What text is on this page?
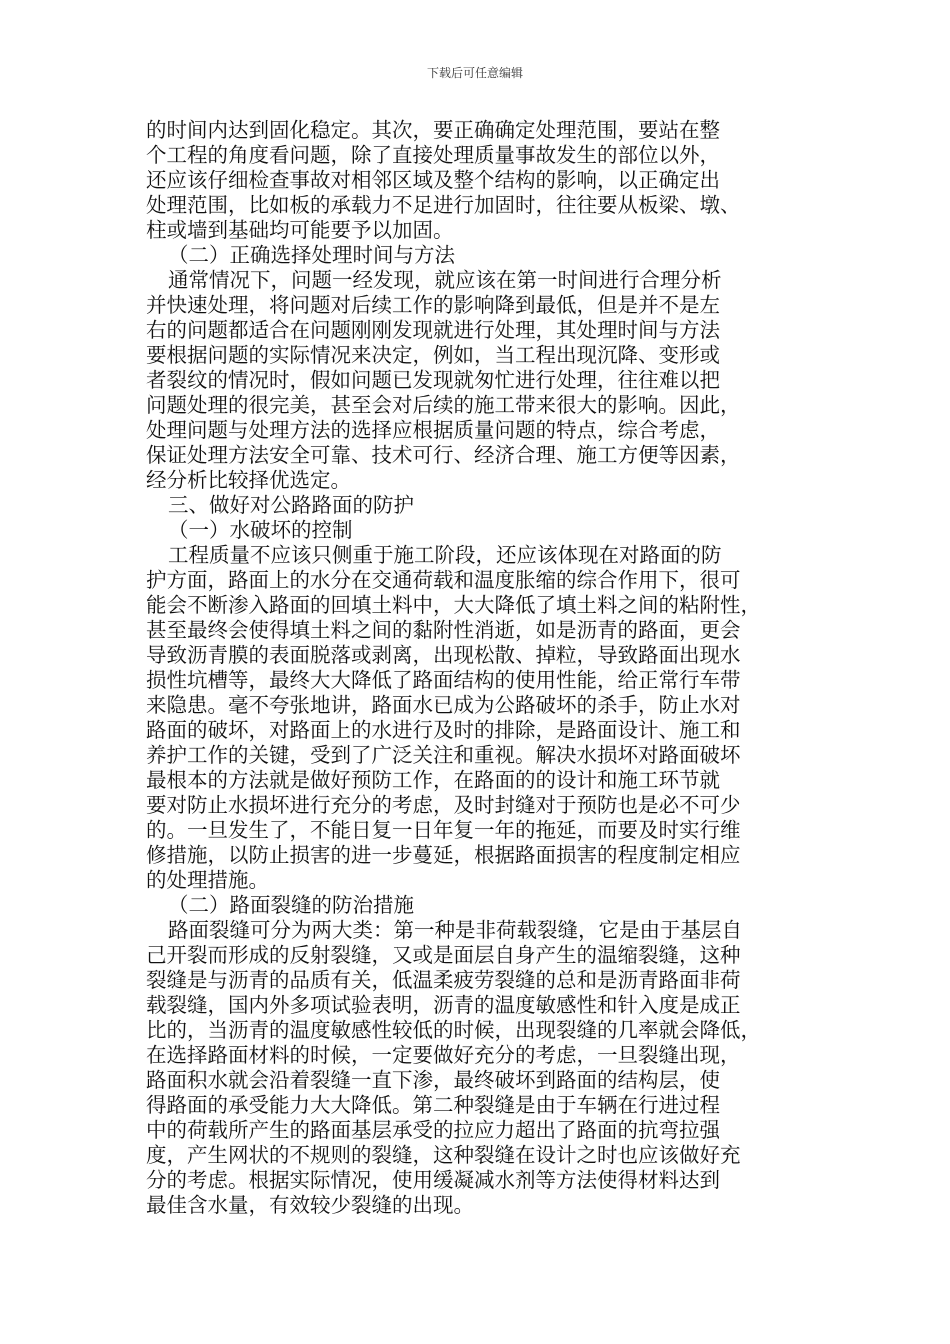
下载后可任意编辑
的时间内达到固化稳定。其次，要正确确定处理范围，要站在整
个工程的角度看问题，除了直接处理质量事故发生的部位以外，
还应该仔细检查事故对相邻区域及整个结构的影响，以正确定出
处理范围，比如板的承载力不足进行加固时，往往要从板梁、墩、
柱或墙到基础均可能要予以加固。
（二）正确选择处理时间与方法
通常情况下，问题一经发现，就应该在第一时间进行合理分析
并快速处理，将问题对后续工作的影响降到最低，但是并不是左
右的问题都适合在问题刚刚发现就进行处理，其处理时间与方法
要根据问题的实际情况来决定，例如，当工程出现沉降、变形或
者裂纹的情况时，假如问题已发现就匆忙进行处理，往往难以把
问题处理的很完美，甚至会对后续的施工带来很大的影响。因此，
处理问题与处理方法的选择应根据质量问题的特点，综合考虑，
保证处理方法安全可靠、技术可行、经济合理、施工方便等因素，
经分析比较择优选定。
三、做好对公路路面的防护
（一）水破坏的控制
工程质量不应该只侧重于施工阶段，还应该体现在对路面的防
护方面，路面上的水分在交通荷载和温度胀缩的综合作用下，很可
能会不断渗入路面的回填土料中，大大降低了填土料之间的粘附性，
甚至最终会使得填土料之间的黏附性消逝，如是沥青的路面，更会
导致沥青膜的表面脱落或剥离，出现松散、掉粒，导致路面出现水
损性坑槽等，最终大大降低了路面结构的使用性能，给正常行车带
来隐患。毫不夸张地讲，路面水已成为公路破坏的杀手，防止水对
路面的破坏，对路面上的水进行及时的排除，是路面设计、施工和
养护工作的关键，受到了广泛关注和重视。解决水损坏对路面破坏
最根本的方法就是做好预防工作，在路面的的设计和施工环节就
要对防止水损坏进行充分的考虑，及时封缝对于预防也是必不可少
的。一旦发生了，不能日复一日年复一年的拖延，而要及时实行维
修措施，以防止损害的进一步蔓延，根据路面损害的程度制定相应
的处理措施。
（二）路面裂缝的防治措施
路面裂缝可分为两大类：第一种是非荷载裂缝，它是由于基层自
己开裂而形成的反射裂缝，又或是面层自身产生的温缩裂缝，这种
裂缝是与沥青的品质有关，低温柔疲劳裂缝的总和是沥青路面非荷
载裂缝，国内外多项试验表明，沥青的温度敏感性和针入度是成正
比的，当沥青的温度敏感性较低的时候，出现裂缝的几率就会降低，
在选择路面材料的时候，一定要做好充分的考虑，一旦裂缝出现，
路面积水就会沿着裂缝一直下渗，最终破坏到路面的结构层，使
得路面的承受能力大大降低。第二种裂缝是由于车辆在行进过程
中的荷载所产生的路面基层承受的拉应力超出了路面的抗弯拉强
度，产生网状的不规则的裂缝，这种裂缝在设计之时也应该做好充
分的考虑。根据实际情况，使用缓凝减水剂等方法使得材料达到
最佳含水量，有效较少裂缝的出现。
